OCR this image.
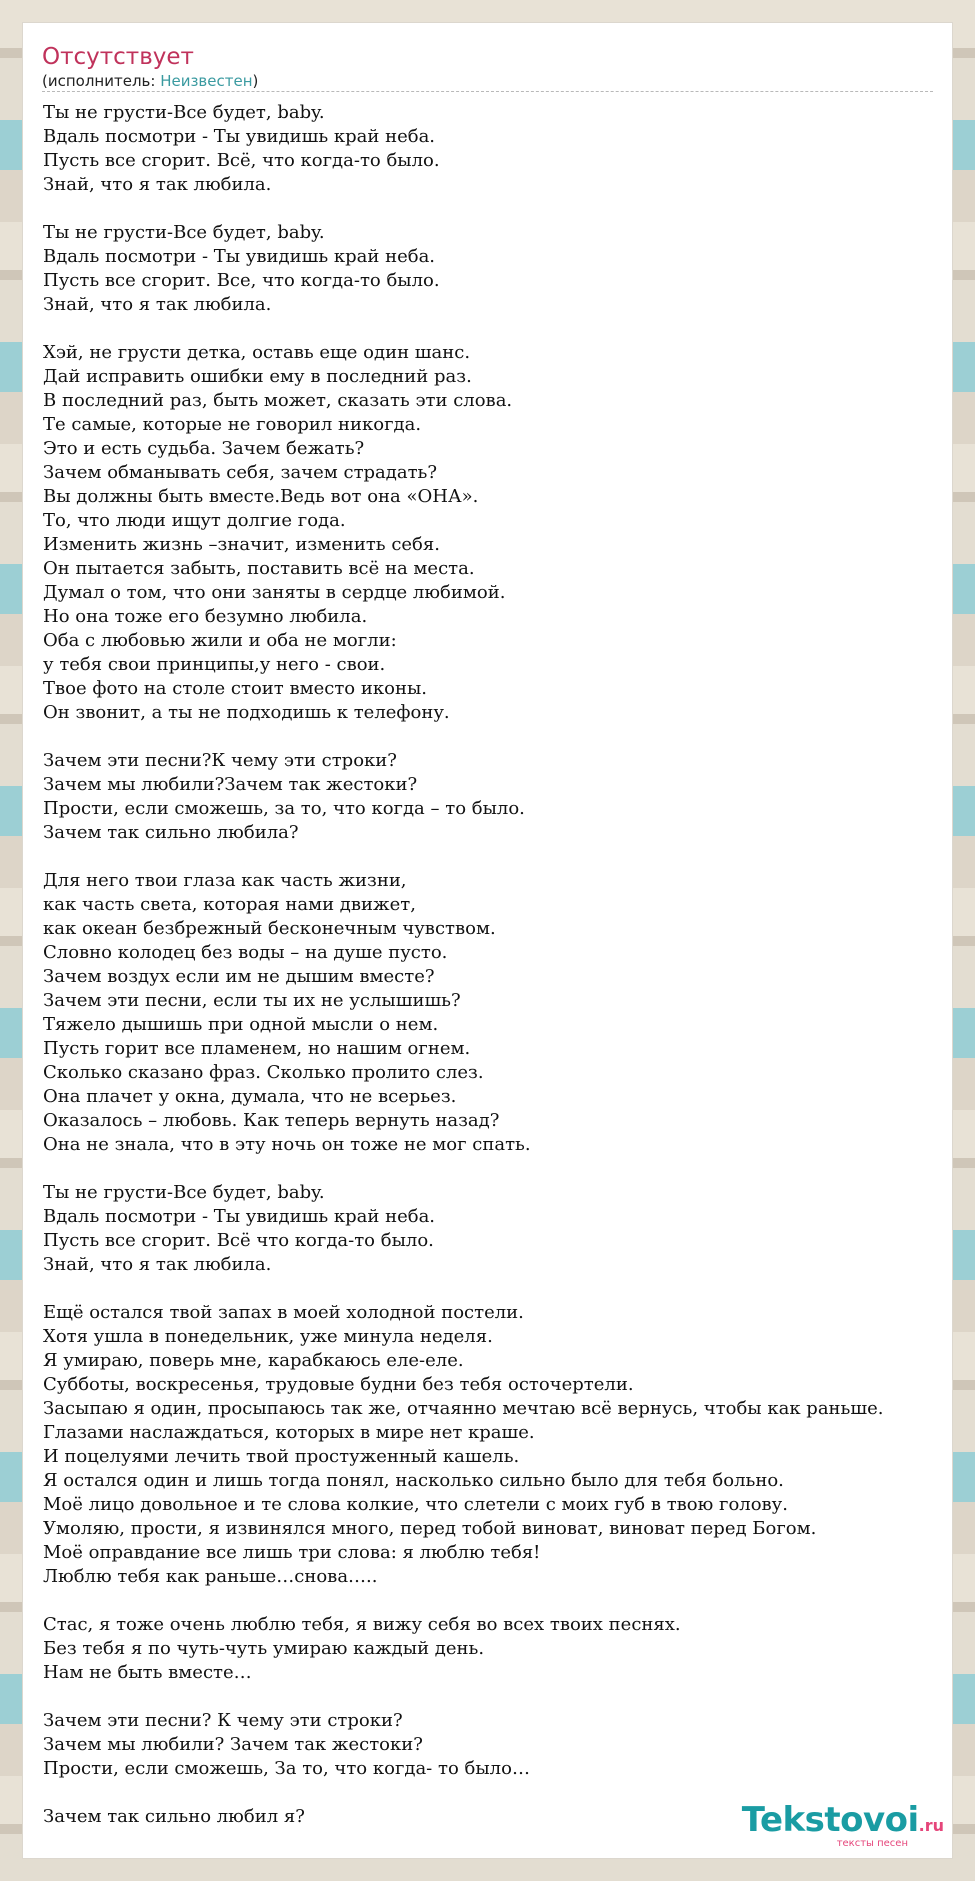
Отсутствует
(исполнитель: Неизвестен)
Ты не грусти-Все будет, baby.
Вдаль посмотри - Ты увидишь край неба.
Пусть все сгорит. Всё, что когда-то было.
Знай, что я так любила.
Ты не грусти-Все будет, baby.
Вдаль посмотри - Ты увидишь край неба.
Пусть все сгорит. Все, что когда-то было.
Знай, что я так любила.
Хэй, не грусти детка, оставь еще один шанс.
Дай исправить ошибки ему в последний раз.
В последний раз, быть может, сказать эти слова.
Те самые, которые не говорил никогда.
Это и есть судьба. Зачем бежать?
Зачем обманывать себя, зачем страдать?
Вы должны быть вместе.Ведь вот она «ОНА».
То, что люди ищут долгие года.
Изменить жизнь –значит, изменить себя.
Он пытается забыть, поставить всё на места.
Думал о том, что они заняты в сердце любимой.
Но она тоже его безумно любила.
Оба с любовью жили и оба не могли:
у тебя свои принципы,у него - свои.
Твое фото на столе стоит вместо иконы.
Он звонит, а ты не подходишь к телефону.
Зачем эти песни?К чему эти строки?
Зачем мы любили?Зачем так жестоки?
Прости, если сможешь, за то, что когда – то было.
Зачем так сильно любила?
Для него твои глаза как часть жизни,
как часть света, которая нами движет,
как океан безбрежный бесконечным чувством.
Словно колодец без воды – на душе пусто.
Зачем воздух если им не дышим вместе?
Зачем эти песни, если ты их не услышишь?
Тяжело дышишь при одной мысли о нем.
Пусть горит все пламенем, но нашим огнем.
Сколько сказано фраз. Сколько пролито слез.
Она плачет у окна, думала, что не всерьез.
Оказалось – любовь. Как теперь вернуть назад?
Она не знала, что в эту ночь он тоже не мог спать.
Ты не грусти-Все будет, baby.
Вдаль посмотри - Ты увидишь край неба.
Пусть все сгорит. Всё что когда-то было.
Знай, что я так любила.
Ещё остался твой запах в моей холодной постели.
Хотя ушла в понедельник, уже минула неделя.
Я умираю, поверь мне, карабкаюсь еле-еле.
Субботы, воскресенья, трудовые будни без тебя осточертели.
Засыпаю я один, просыпаюсь так же, отчаянно мечтаю всё вернусь, чтобы как раньше.
Глазами наслаждаться, которых в мире нет краше.
И поцелуями лечить твой простуженный кашель.
Я остался один и лишь тогда понял, насколько сильно было для тебя больно.
Моё лицо довольное и те слова колкие, что слетели с моих губ в твою голову.
Умоляю, прости, я извинялся много, перед тобой виноват, виноват перед Богом.
Моё оправдание все лишь три слова: я люблю тебя!
Люблю тебя как раньше…снова…..
Стас, я тоже очень люблю тебя, я вижу себя во всех твоих песнях.
Без тебя я по чуть-чуть умираю каждый день.
Нам не быть вместе…
Зачем эти песни? К чему эти строки?
Зачем мы любили? Зачем так жестоки?
Прости, если сможешь, За то, что когда- то было…
Зачем так сильно любил я?	Tekstovoi.ru
тексты песен
